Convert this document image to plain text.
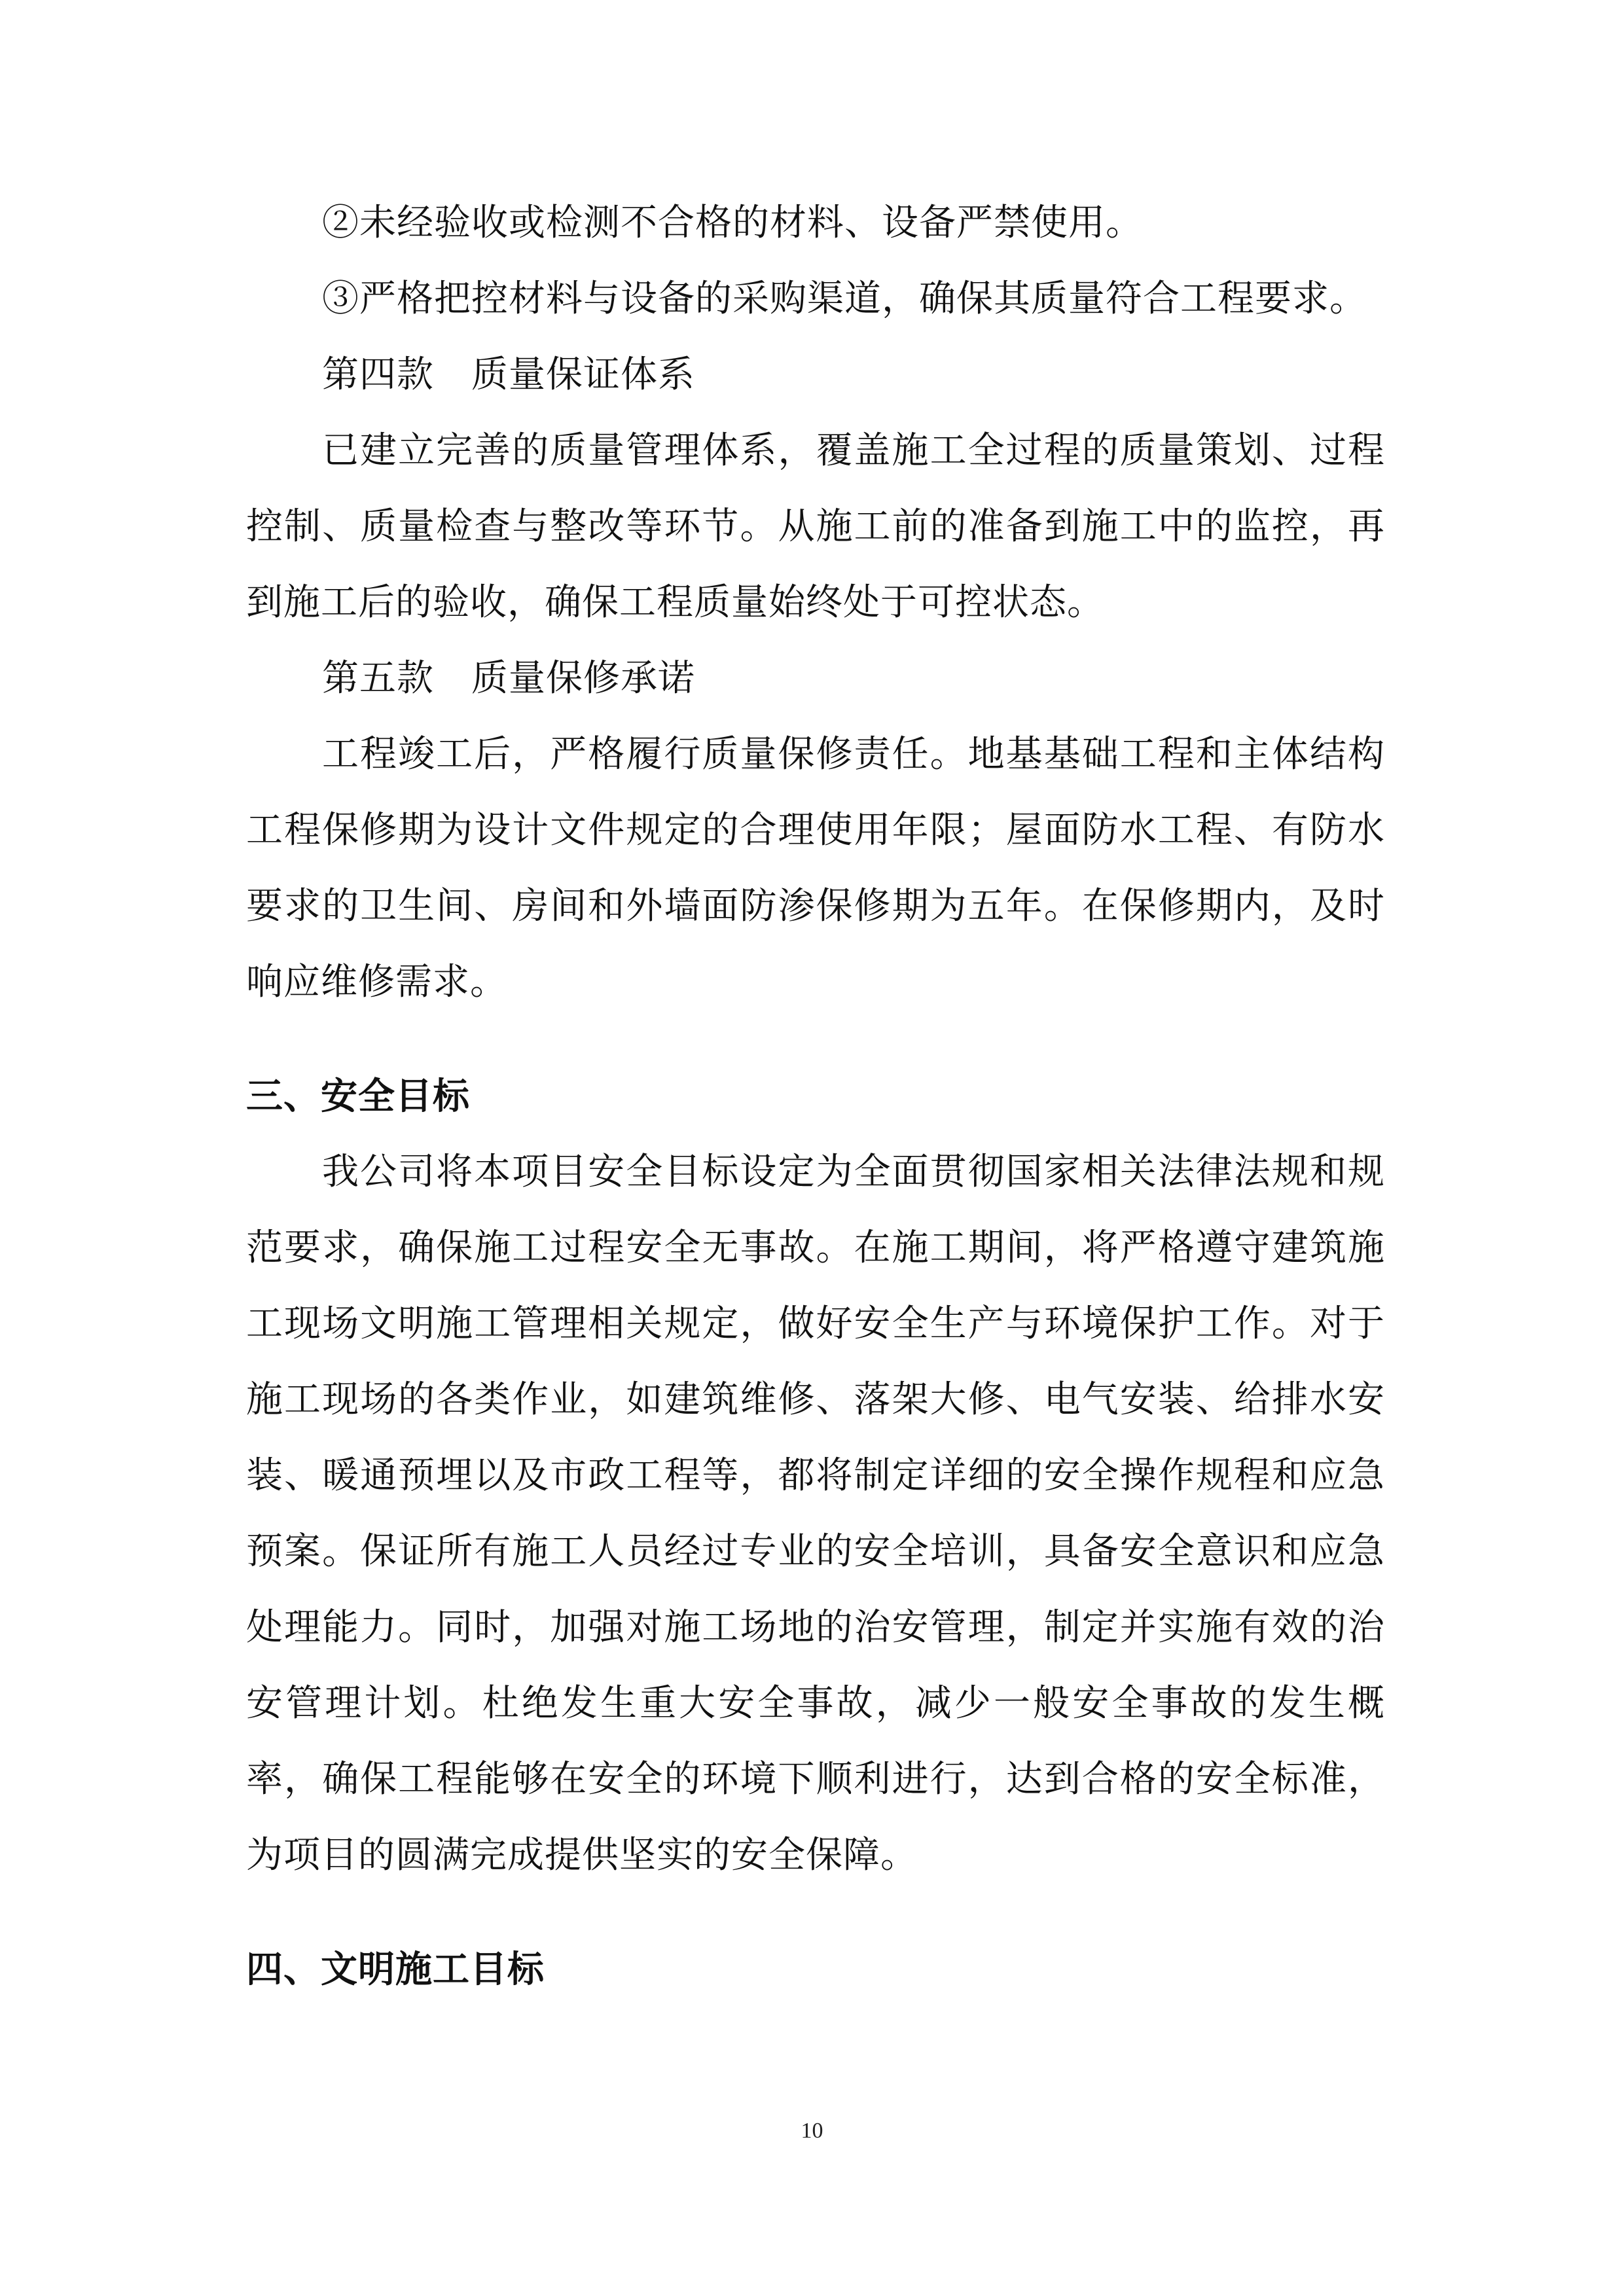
②未经验收或检测不合格的材料、设备严禁使用。

③严格把控材料与设备的采购渠道，确保其质量符合工程要求。

第四款　质量保证体系

已建立完善的质量管理体系，覆盖施工全过程的质量策划、过程控制、质量检查与整改等环节。从施工前的准备到施工中的监控，再到施工后的验收，确保工程质量始终处于可控状态。

第五款　质量保修承诺

工程竣工后，严格履行质量保修责任。地基基础工程和主体结构工程保修期为设计文件规定的合理使用年限；屋面防水工程、有防水要求的卫生间、房间和外墙面防渗保修期为五年。在保修期内，及时响应维修需求。

三、安全目标

我公司将本项目安全目标设定为全面贯彻国家相关法律法规和规范要求，确保施工过程安全无事故。在施工期间，将严格遵守建筑施工现场文明施工管理相关规定，做好安全生产与环境保护工作。对于施工现场的各类作业，如建筑维修、落架大修、电气安装、给排水安装、暖通预埋以及市政工程等，都将制定详细的安全操作规程和应急预案。保证所有施工人员经过专业的安全培训，具备安全意识和应急处理能力。同时，加强对施工场地的治安管理，制定并实施有效的治安管理计划。杜绝发生重大安全事故，减少一般安全事故的发生概率，确保工程能够在安全的环境下顺利进行，达到合格的安全标准，为项目的圆满完成提供坚实的安全保障。

四、文明施工目标
10
